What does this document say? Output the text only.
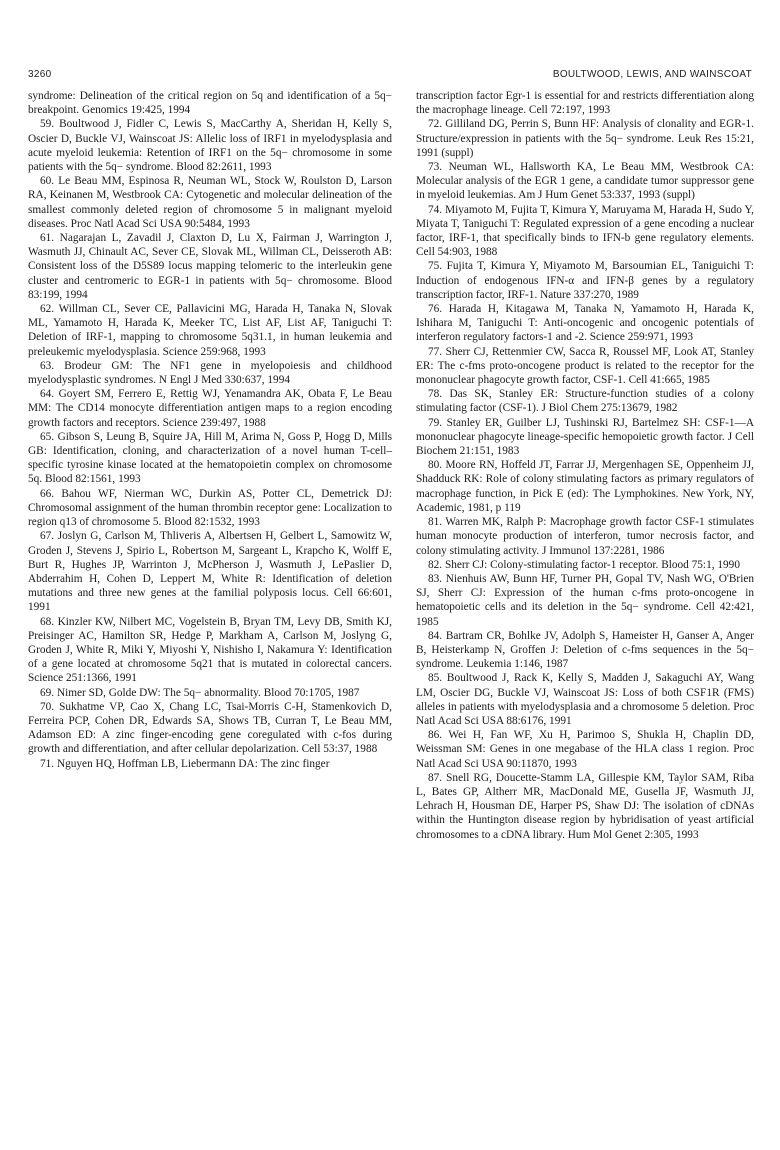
3260	BOULTWOOD, LEWIS, AND WAINSCOAT

syndrome: Delineation of the critical region on 5q and identification of a 5q− breakpoint. Genomics 19:425, 1994

59. Boultwood J, Fidler C, Lewis S, MacCarthy A, Sheridan H, Kelly S, Oscier D, Buckle VJ, Wainscoat JS: Allelic loss of IRF1 in myelodysplasia and acute myeloid leukemia: Retention of IRF1 on the 5q− chromosome in some patients with the 5q− syndrome. Blood 82:2611, 1993

60. Le Beau MM, Espinosa R, Neuman WL, Stock W, Roulston D, Larson RA, Keinanen M, Westbrook CA: Cytogenetic and molecular delineation of the smallest commonly deleted region of chromosome 5 in malignant myeloid diseases. Proc Natl Acad Sci USA 90:5484, 1993

61. Nagarajan L, Zavadil J, Claxton D, Lu X, Fairman J, Warrington J, Wasmuth JJ, Chinault AC, Sever CE, Slovak ML, Willman CL, Deisseroth AB: Consistent loss of the D5S89 locus mapping telomeric to the interleukin gene cluster and centromeric to EGR-1 in patients with 5q− chromosome. Blood 83:199, 1994

62. Willman CL, Sever CE, Pallavicini MG, Harada H, Tanaka N, Slovak ML, Yamamoto H, Harada K, Meeker TC, List AF, List AF, Taniguchi T: Deletion of IRF-1, mapping to chromosome 5q31.1, in human leukemia and preleukemic myelodysplasia. Science 259:968, 1993

63. Brodeur GM: The NF1 gene in myelopoiesis and childhood myelodysplastic syndromes. N Engl J Med 330:637, 1994

64. Goyert SM, Ferrero E, Rettig WJ, Yenamandra AK, Obata F, Le Beau MM: The CD14 monocyte differentiation antigen maps to a region encoding growth factors and receptors. Science 239:497, 1988

65. Gibson S, Leung B, Squire JA, Hill M, Arima N, Goss P, Hogg D, Mills GB: Identification, cloning, and characterization of a novel human T-cell–specific tyrosine kinase located at the hematopoietin complex on chromosome 5q. Blood 82:1561, 1993

66. Bahou WF, Nierman WC, Durkin AS, Potter CL, Demetrick DJ: Chromosomal assignment of the human thrombin receptor gene: Localization to region q13 of chromosome 5. Blood 82:1532, 1993

67. Joslyn G, Carlson M, Thliveris A, Albertsen H, Gelbert L, Samowitz W, Groden J, Stevens J, Spirio L, Robertson M, Sargeant L, Krapcho K, Wolff E, Burt R, Hughes JP, Warrinton J, McPherson J, Wasmuth J, LePaslier D, Abderrahim H, Cohen D, Leppert M, White R: Identification of deletion mutations and three new genes at the familial polyposis locus. Cell 66:601, 1991

68. Kinzler KW, Nilbert MC, Vogelstein B, Bryan TM, Levy DB, Smith KJ, Preisinger AC, Hamilton SR, Hedge P, Markham A, Carlson M, Joslyng G, Groden J, White R, Miki Y, Miyoshi Y, Nishisho I, Nakamura Y: Identification of a gene located at chromosome 5q21 that is mutated in colorectal cancers. Science 251:1366, 1991

69. Nimer SD, Golde DW: The 5q− abnormality. Blood 70:1705, 1987

70. Sukhatme VP, Cao X, Chang LC, Tsai-Morris C-H, Stamenkovich D, Ferreira PCP, Cohen DR, Edwards SA, Shows TB, Curran T, Le Beau MM, Adamson ED: A zinc finger-encoding gene coregulated with c-fos during growth and differentiation, and after cellular depolarization. Cell 53:37, 1988

71. Nguyen HQ, Hoffman LB, Liebermann DA: The zinc finger

transcription factor Egr-1 is essential for and restricts differentiation along the macrophage lineage. Cell 72:197, 1993

72. Gilliland DG, Perrin S, Bunn HF: Analysis of clonality and EGR-1. Structure/expression in patients with the 5q− syndrome. Leuk Res 15:21, 1991 (suppl)

73. Neuman WL, Hallsworth KA, Le Beau MM, Westbrook CA: Molecular analysis of the EGR 1 gene, a candidate tumor suppressor gene in myeloid leukemias. Am J Hum Genet 53:337, 1993 (suppl)

74. Miyamoto M, Fujita T, Kimura Y, Maruyama M, Harada H, Sudo Y, Miyata T, Taniguchi T: Regulated expression of a gene encoding a nuclear factor, IRF-1, that specifically binds to IFN-b gene regulatory elements. Cell 54:903, 1988

75. Fujita T, Kimura Y, Miyamoto M, Barsoumian EL, Taniguichi T: Induction of endogenous IFN-α and IFN-β genes by a regulatory transcription factor, IRF-1. Nature 337:270, 1989

76. Harada H, Kitagawa M, Tanaka N, Yamamoto H, Harada K, Ishihara M, Taniguchi T: Anti-oncogenic and oncogenic potentials of interferon regulatory factors-1 and -2. Science 259:971, 1993

77. Sherr CJ, Rettenmier CW, Sacca R, Roussel MF, Look AT, Stanley ER: The c-fms proto-oncogene product is related to the receptor for the mononuclear phagocyte growth factor, CSF-1. Cell 41:665, 1985

78. Das SK, Stanley ER: Structure-function studies of a colony stimulating factor (CSF-1). J Biol Chem 275:13679, 1982

79. Stanley ER, Guilber LJ, Tushinski RJ, Bartelmez SH: CSF-1—A mononuclear phagocyte lineage-specific hemopoietic growth factor. J Cell Biochem 21:151, 1983

80. Moore RN, Hoffeld JT, Farrar JJ, Mergenhagen SE, Oppenheim JJ, Shadduck RK: Role of colony stimulating factors as primary regulators of macrophage function, in Pick E (ed): The Lymphokines. New York, NY, Academic, 1981, p 119

81. Warren MK, Ralph P: Macrophage growth factor CSF-1 stimulates human monocyte production of interferon, tumor necrosis factor, and colony stimulating activity. J Immunol 137:2281, 1986

82. Sherr CJ: Colony-stimulating factor-1 receptor. Blood 75:1, 1990

83. Nienhuis AW, Bunn HF, Turner PH, Gopal TV, Nash WG, O'Brien SJ, Sherr CJ: Expression of the human c-fms proto-oncogene in hematopoietic cells and its deletion in the 5q− syndrome. Cell 42:421, 1985

84. Bartram CR, Bohlke JV, Adolph S, Hameister H, Ganser A, Anger B, Heisterkamp N, Groffen J: Deletion of c-fms sequences in the 5q− syndrome. Leukemia 1:146, 1987

85. Boultwood J, Rack K, Kelly S, Madden J, Sakaguchi AY, Wang LM, Oscier DG, Buckle VJ, Wainscoat JS: Loss of both CSF1R (FMS) alleles in patients with myelodysplasia and a chromosome 5 deletion. Proc Natl Acad Sci USA 88:6176, 1991

86. Wei H, Fan WF, Xu H, Parimoo S, Shukla H, Chaplin DD, Weissman SM: Genes in one megabase of the HLA class 1 region. Proc Natl Acad Sci USA 90:11870, 1993

87. Snell RG, Doucette-Stamm LA, Gillespie KM, Taylor SAM, Riba L, Bates GP, Altherr MR, MacDonald ME, Gusella JF, Wasmuth JJ, Lehrach H, Housman DE, Harper PS, Shaw DJ: The isolation of cDNAs within the Huntington disease region by hybridisation of yeast artificial chromosomes to a cDNA library. Hum Mol Genet 2:305, 1993
